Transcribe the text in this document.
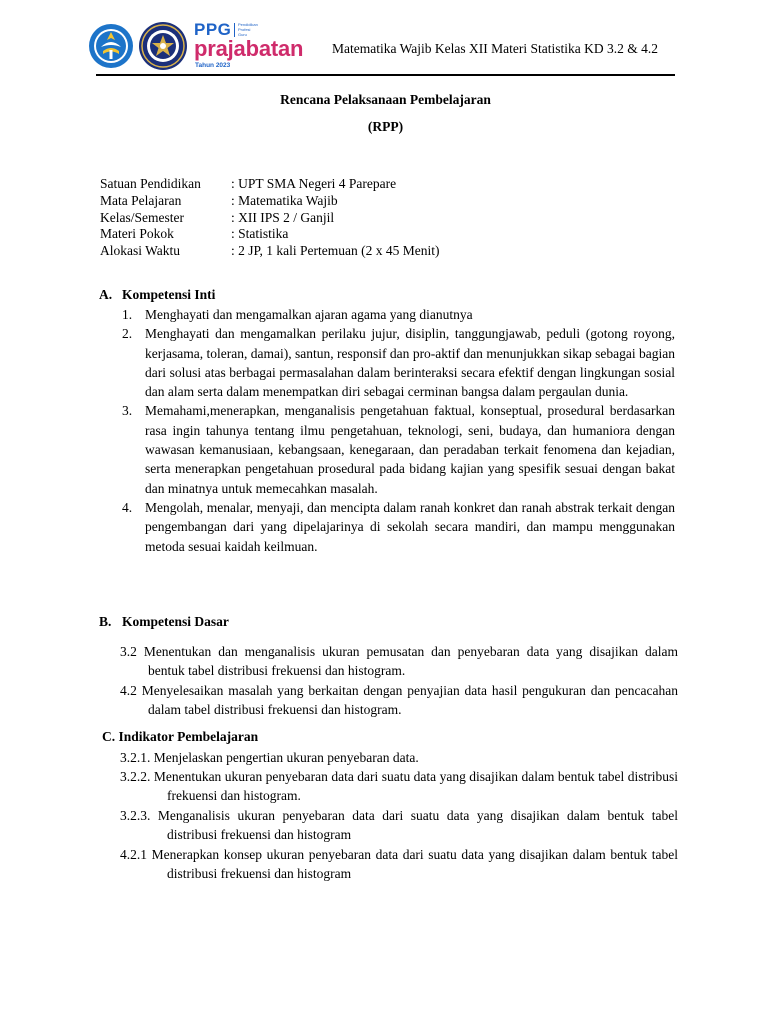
PPG Pendidikan Profesi Guru
prajabatan
Tahun 2023
Matematika Wajib Kelas XII Materi Statistika KD 3.2 & 4.2
Rencana Pelaksanaan Pembelajaran
(RPP)
Satuan Pendidikan	: UPT SMA Negeri 4 Parepare
Mata Pelajaran	: Matematika Wajib
Kelas/Semester	: XII IPS 2 / Ganjil
Materi Pokok	: Statistika
Alokasi Waktu	: 2 JP, 1 kali Pertemuan (2 x 45 Menit)
A. Kompetensi Inti
1. Menghayati dan mengamalkan ajaran agama yang dianutnya
2. Menghayati dan mengamalkan perilaku jujur, disiplin, tanggungjawab, peduli (gotong royong, kerjasama, toleran, damai), santun, responsif dan pro-aktif dan menunjukkan sikap sebagai bagian dari solusi atas berbagai permasalahan dalam berinteraksi secara efektif dengan lingkungan sosial dan alam serta dalam menempatkan diri sebagai cerminan bangsa dalam pergaulan dunia.
3. Memahami,menerapkan, menganalisis pengetahuan faktual, konseptual, prosedural berdasarkan rasa ingin tahunya tentang ilmu pengetahuan, teknologi, seni, budaya, dan humaniora dengan wawasan kemanusiaan, kebangsaan, kenegaraan, dan peradaban terkait fenomena dan kejadian, serta menerapkan pengetahuan prosedural pada bidang kajian yang spesifik sesuai dengan bakat dan minatnya untuk memecahkan masalah.
4. Mengolah, menalar, menyaji, dan mencipta dalam ranah konkret dan ranah abstrak terkait dengan pengembangan dari yang dipelajarinya di sekolah secara mandiri, dan mampu menggunakan metoda sesuai kaidah keilmuan.
B. Kompetensi Dasar
3.2 Menentukan dan menganalisis ukuran pemusatan dan penyebaran data yang disajikan dalam bentuk tabel distribusi frekuensi dan histogram.
4.2 Menyelesaikan masalah yang berkaitan dengan penyajian data hasil pengukuran dan pencacahan dalam tabel distribusi frekuensi dan histogram.
C. Indikator Pembelajaran
3.2.1. Menjelaskan pengertian ukuran penyebaran data.
3.2.2. Menentukan ukuran penyebaran data dari suatu data yang disajikan dalam bentuk tabel distribusi frekuensi dan histogram.
3.2.3. Menganalisis ukuran penyebaran data dari suatu data yang disajikan dalam bentuk tabel distribusi frekuensi dan histogram
4.2.1 Menerapkan konsep ukuran penyebaran data dari suatu data yang disajikan dalam bentuk tabel distribusi frekuensi dan histogram
